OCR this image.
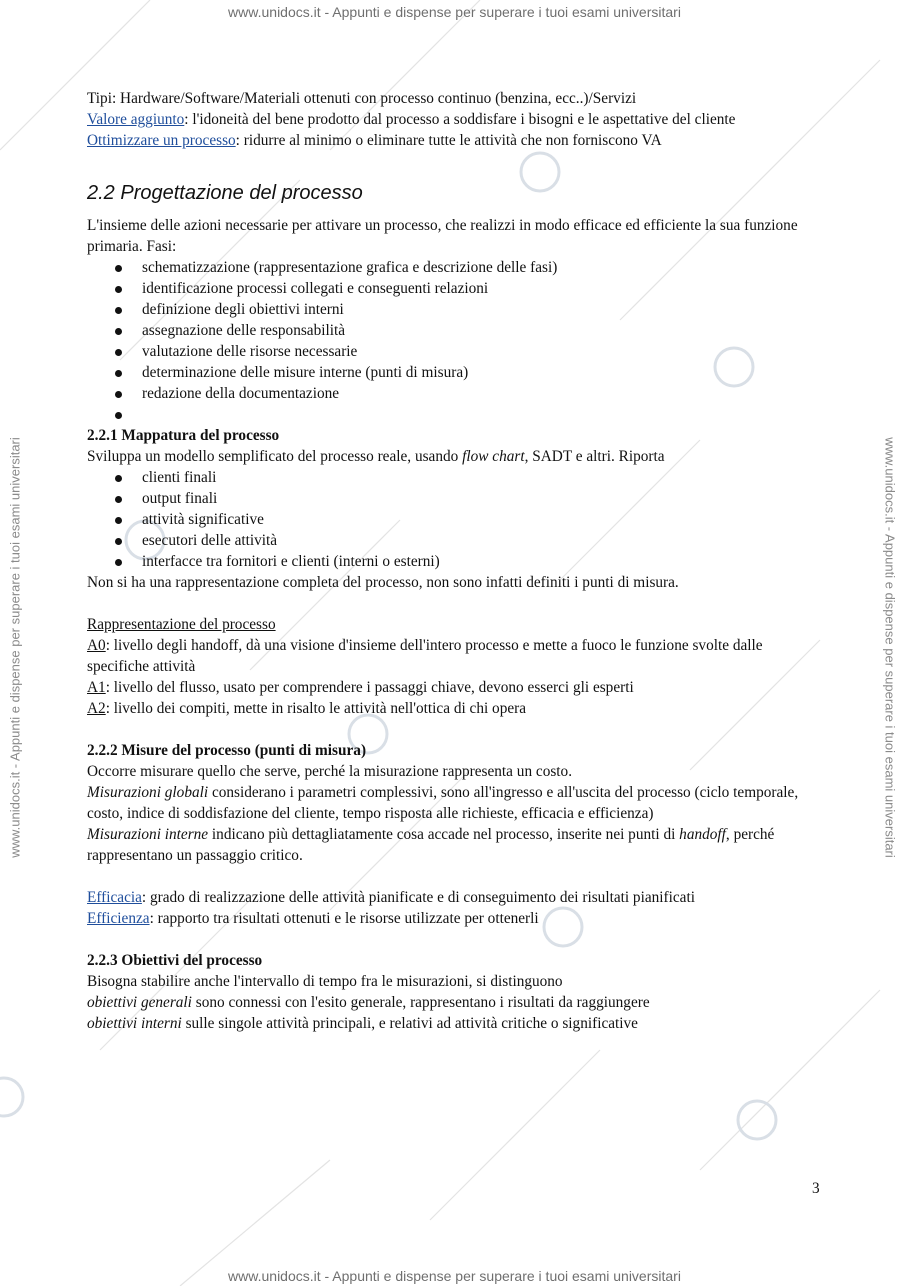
www.unidocs.it - Appunti e dispense per superare i tuoi esami universitari
www.unidocs.it - Appunti e dispense per superare i tuoi esami universitari
www.unidocs.it - Appunti e dispense per superare i tuoi esami universitari	www.unidocs.it - Appunti e dispense per superare i tuoi esami universitari

Tipi: Hardware/Software/Materiali ottenuti con processo continuo (benzina, ecc..)/Servizi

Valore aggiunto: l'idoneità del bene prodotto dal processo a soddisfare i bisogni e le aspettative del cliente

Ottimizzare un processo: ridurre al minimo o eliminare tutte le attività che non forniscono VA

2.2 Progettazione del processo

L'insieme delle azioni necessarie per attivare un processo, che realizzi in modo efficace ed efficiente la sua funzione primaria. Fasi:

schematizzazione (rappresentazione grafica e descrizione delle fasi)
identificazione processi collegati e conseguenti relazioni
definizione degli obiettivi interni
assegnazione delle responsabilità
valutazione delle risorse necessarie
determinazione delle misure interne (punti di misura)
redazione della documentazione
2.2.1 Mappatura del processo

Sviluppa un modello semplificato del processo reale, usando flow chart, SADT e altri. Riporta

clienti finali
output finali
attività significative
esecutori delle attività
interfacce tra fornitori e clienti (interni o esterni)

Non si ha una rappresentazione completa del processo, non sono infatti definiti i punti di misura.

Rappresentazione del processo

A0: livello degli handoff, dà una visione d'insieme dell'intero processo e mette a fuoco le funzione svolte dalle specifiche attività

A1: livello del flusso, usato per comprendere i passaggi chiave, devono esserci gli esperti

A2: livello dei compiti, mette in risalto le attività nell'ottica di chi opera

2.2.2 Misure del processo (punti di misura)

Occorre misurare quello che serve, perché la misurazione rappresenta un costo.

Misurazioni globali considerano i parametri complessivi, sono all'ingresso e all'uscita del processo (ciclo temporale, costo, indice di soddisfazione del cliente, tempo risposta alle richieste, efficacia e efficienza)

Misurazioni interne indicano più dettagliatamente cosa accade nel processo, inserite nei punti di handoff, perché rappresentano un passaggio critico.

Efficacia: grado di realizzazione delle attività pianificate e di conseguimento dei risultati pianificati

Efficienza: rapporto tra risultati ottenuti e le risorse utilizzate per ottenerli

2.2.3 Obiettivi del processo

Bisogna stabilire anche l'intervallo di tempo fra le misurazioni, si distinguono

obiettivi generali sono connessi con l'esito generale, rappresentano i risultati da raggiungere

obiettivi interni sulle singole attività principali, e relativi ad attività critiche o significative

3
